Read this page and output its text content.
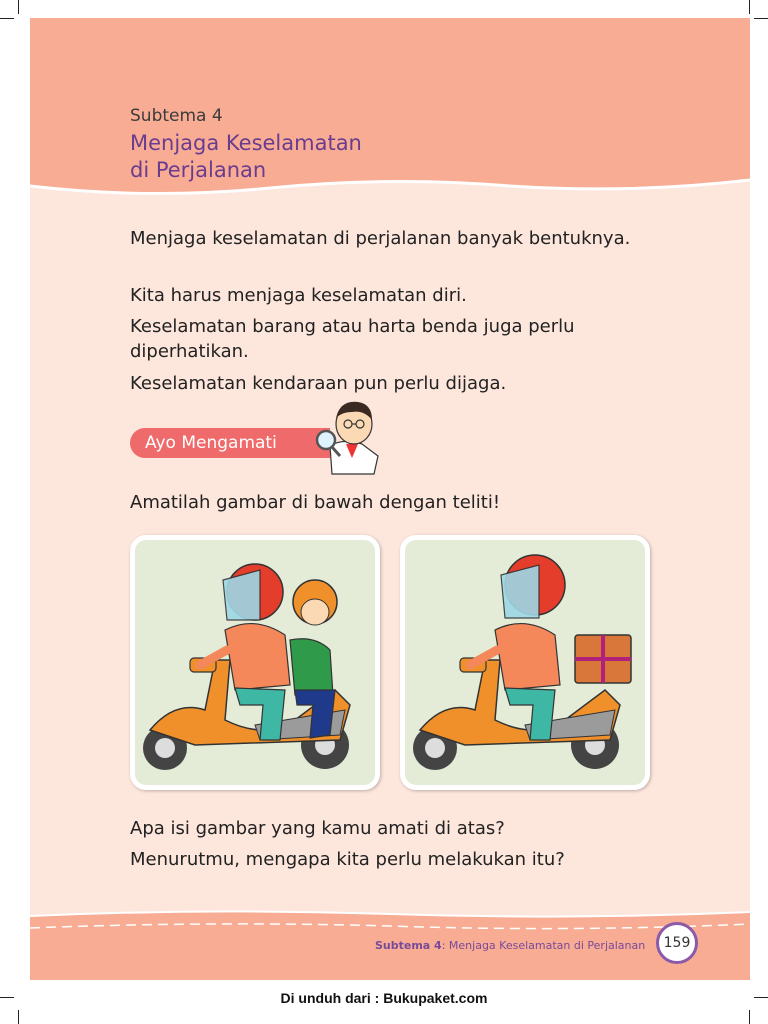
Subtema 4
Menjaga Keselamatan
di Perjalanan
Menjaga keselamatan di perjalanan banyak bentuknya.
Kita harus menjaga keselamatan diri.
Keselamatan barang atau harta benda juga perlu diperhatikan.
Keselamatan kendaraan pun perlu dijaga.
Ayo Mengamati
Amatilah gambar di bawah dengan teliti!
Apa isi gambar yang kamu amati di atas?
Menurutmu, mengapa kita perlu melakukan itu?
Subtema 4: Menjaga Keselamatan di Perjalanan	159
Di unduh dari : Bukupaket.com
